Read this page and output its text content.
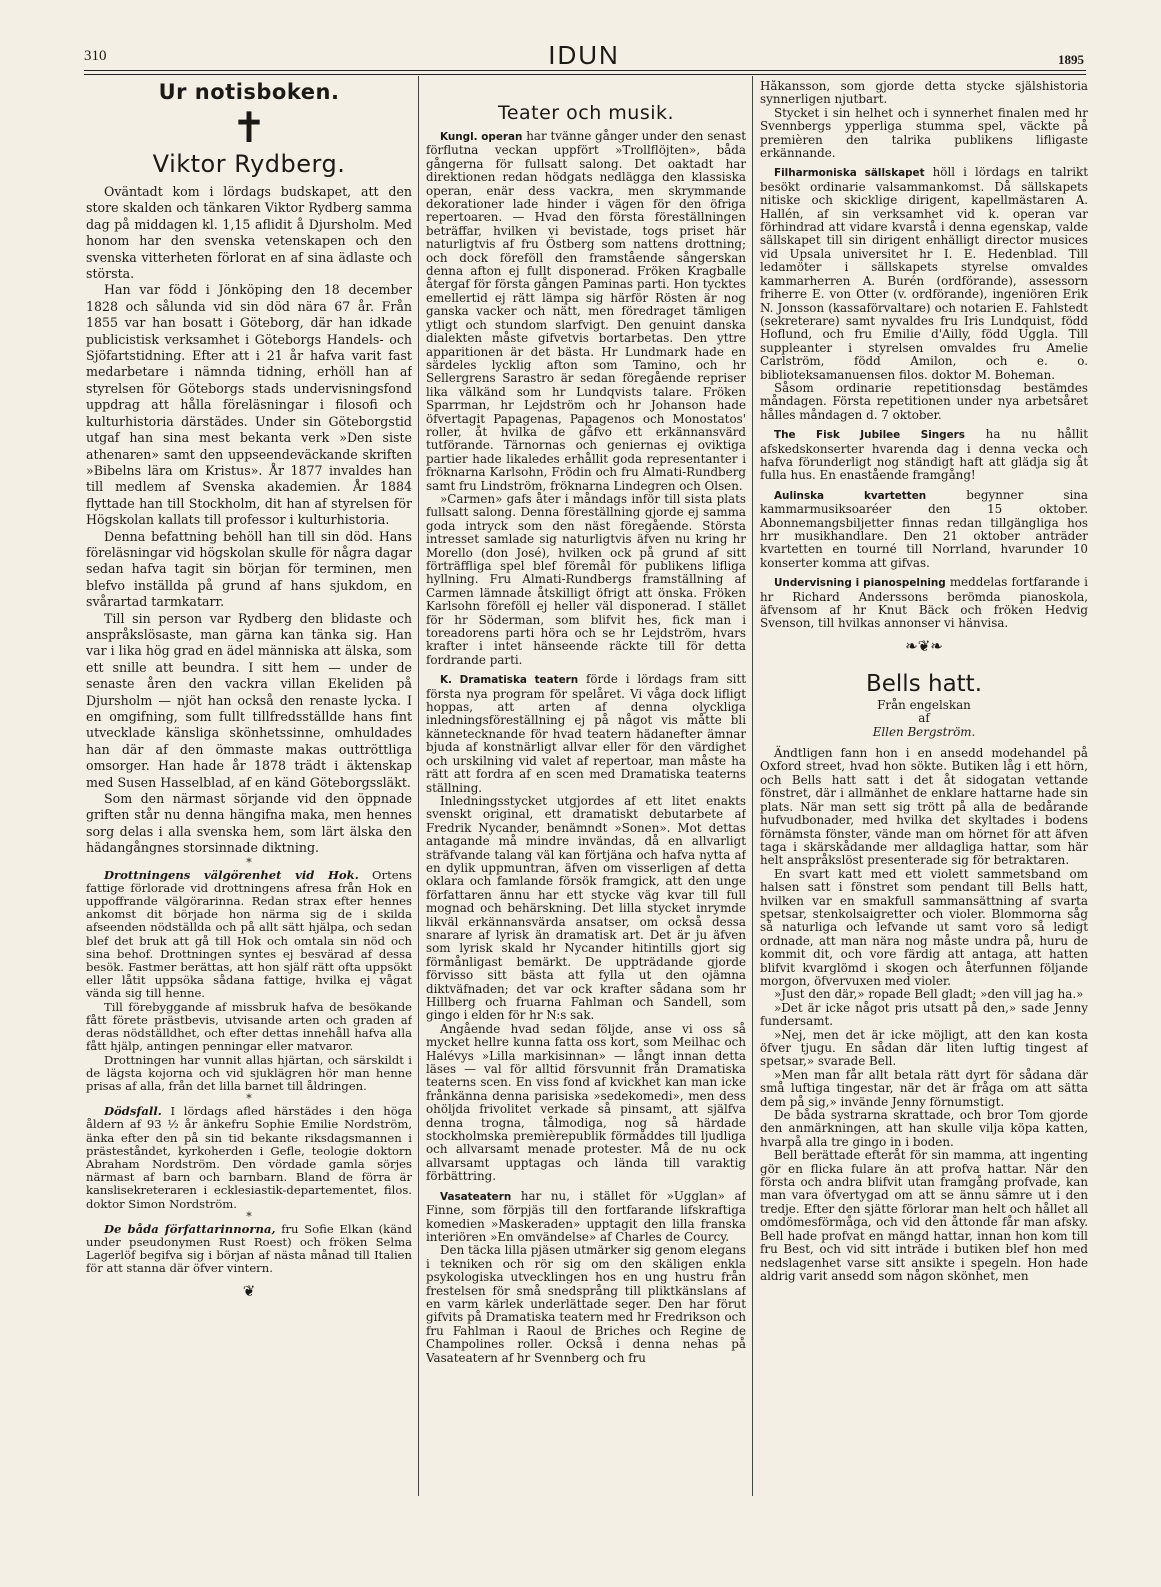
310	IDUN	1895
Ur notisboken.
✝
Viktor Rydberg.

Oväntadt kom i lördags budskapet, att den store skalden och tänkaren Viktor Rydberg samma dag på middagen kl. 1,15 aflidit å Djursholm. Med honom har den svenska vetenskapen och den svenska vitterheten förlorat en af sina ädlaste och största.

Han var född i Jönköping den 18 december 1828 och sålunda vid sin död nära 67 år. Från 1855 var han bosatt i Göteborg, där han idkade publicistisk verksamhet i Göteborgs Handels- och Sjöfartstidning. Efter att i 21 år hafva varit fast medarbetare i nämnda tidning, erhöll han af styrelsen för Göteborgs stads undervisningsfond uppdrag att hålla föreläsningar i filosofi och kulturhistoria därstädes. Under sin Göteborgstid utgaf han sina mest bekanta verk »Den siste athenaren» samt den uppseendeväckande skriften »Bibelns lära om Kristus». År 1877 invaldes han till medlem af Svenska akademien. År 1884 flyttade han till Stockholm, dit han af styrelsen för Högskolan kallats till professor i kulturhistoria.

Denna befattning behöll han till sin död. Hans föreläsningar vid högskolan skulle för några dagar sedan hafva tagit sin början för terminen, men blefvo inställda på grund af hans sjukdom, en svårartad tarmkatarr.

Till sin person var Rydberg den blidaste och anspråkslösaste, man gärna kan tänka sig. Han var i lika hög grad en ädel människa att älska, som ett snille att beundra. I sitt hem — under de senaste åren den vackra villan Ekeliden på Djursholm — njöt han också den renaste lycka. I en omgifning, som fullt tillfredsställde hans fint utvecklade känsliga skönhetssinne, omhuldades han där af den ömmaste makas outtröttliga omsorger. Han hade år 1878 trädt i äktenskap med Susen Hasselblad, af en känd Göteborgssläkt.

Som den närmast sörjande vid den öppnade griften står nu denna hängifna maka, men hennes sorg delas i alla svenska hem, som lärt älska den hädangångnes storsinnade diktning.

*

Drottningens välgörenhet vid Hok. Ortens fattige förlorade vid drottningens afresa från Hok en uppoffrande välgörarinna. Redan strax efter hennes ankomst dit började hon närma sig de i skilda afseenden nödställda och på allt sätt hjälpa, och sedan blef det bruk att gå till Hok och omtala sin nöd och sina behof. Drottningen syntes ej besvärad af dessa besök. Fastmer berättas, att hon själf rätt ofta uppsökt eller låtit uppsöka sådana fattige, hvilka ej vågat vända sig till henne.

Till förebyggande af missbruk hafva de besökande fått förete prästbevis, utvisande arten och graden af deras nödställdhet, och efter dettas innehåll hafva alla fått hjälp, antingen penningar eller matvaror.

Drottningen har vunnit allas hjärtan, och särskildt i de lägsta kojorna och vid sjuklägren hör man henne prisas af alla, från det lilla barnet till åldringen.

*

Dödsfall. I lördags afled härstädes i den höga åldern af 93 ½ år änkefru Sophie Emilie Nordström, änka efter den på sin tid bekante riksdagsmannen i prästeståndet, kyrkoherden i Gefle, teologie doktorn Abraham Nordström. Den vördade gamla sörjes närmast af barn och barnbarn. Bland de förra är kanslisekreteraren i ecklesiastik-departementet, filos. doktor Simon Nordström.

*

De båda författarinnorna, fru Sofie Elkan (känd under pseudonymen Rust Roest) och fröken Selma Lagerlöf begifva sig i början af nästa månad till Italien för att stanna där öfver vintern.

❦
Teater och musik.

Kungl. operan har tvänne gånger under den senast förflutna veckan uppfört »Trollflöjten», båda gångerna för fullsatt salong. Det oaktadt har direktionen redan hödgats nedlägga den klassiska operan, enär dess vackra, men skrymmande dekorationer lade hinder i vägen för den öfriga repertoaren. — Hvad den första föreställningen beträffar, hvilken vi bevistade, togs priset här naturligtvis af fru Östberg som nattens drottning; och dock föreföll den framstående sångerskan denna afton ej fullt disponerad. Fröken Kragballe återgaf för första gången Paminas parti. Hon tycktes emellertid ej rätt lämpa sig härför Rösten är nog ganska vacker och nätt, men föredraget tämligen ytligt och stundom slarfvigt. Den genuint danska dialekten måste gifvetvis bortarbetas. Den yttre apparitionen är det bästa. Hr Lundmark hade en särdeles lycklig afton som Tamino, och hr Sellergrens Sarastro är sedan föregående repriser lika välkänd som hr Lundqvists talare. Fröken Sparrman, hr Lejdström och hr Johanson hade öfvertagit Papagenas, Papagenos och Monostatos' roller, åt hvilka de gåfvo ett erkännansvärd tutförande. Tärnornas och geniernas ej oviktiga partier hade likaledes erhållit goda representanter i fröknarna Karlsohn, Frödin och fru Almati-Rundberg samt fru Lindström, fröknarna Lindegren och Olsen.

»Carmen» gafs åter i måndags inför till sista plats fullsatt salong. Denna föreställning gjorde ej samma goda intryck som den näst föregående. Största intresset samlade sig naturligtvis äfven nu kring hr Morello (don José), hvilken ock på grund af sitt förträffliga spel blef föremål för publikens lifliga hyllning. Fru Almati-Rundbergs framställning af Carmen lämnade åtskilligt öfrigt att önska. Fröken Karlsohn föreföll ej heller väl disponerad. I stället för hr Söderman, som blifvit hes, fick man i toreadorens parti höra och se hr Lejdström, hvars krafter i intet hänseende räckte till för detta fordrande parti.

K. Dramatiska teatern förde i lördags fram sitt första nya program för spelåret. Vi våga dock lifligt hoppas, att arten af denna olyckliga inledningsföreställning ej på något vis måtte bli kännetecknande för hvad teatern hädanefter ämnar bjuda af konstnärligt allvar eller för den värdighet och urskilning vid valet af repertoar, man måste ha rätt att fordra af en scen med Dramatiska teaterns ställning.

Inledningsstycket utgjordes af ett litet enakts svenskt original, ett dramatiskt debutarbete af Fredrik Nycander, benämndt »Sonen». Mot dettas antagande må mindre invändas, då en allvarligt sträfvande talang väl kan förtjäna och hafva nytta af en dylik uppmuntran, äfven om visserligen af detta oklara och famlande försök framgick, att den unge författaren ännu har ett stycke väg kvar till full mognad och behärskning. Det lilla stycket inrymde likväl erkännansvärda ansatser, om också dessa snarare af lyrisk än dramatisk art. Det är ju äfven som lyrisk skald hr Nycander hitintills gjort sig förmånligast bemärkt. De uppträdande gjorde förvisso sitt bästa att fylla ut den ojämna diktväfnaden; det var ock krafter sådana som hr Hillberg och fruarna Fahlman och Sandell, som gingo i elden för hr N:s sak.

Angående hvad sedan följde, anse vi oss så mycket hellre kunna fatta oss kort, som Meilhac och Halévys »Lilla markisinnan» — långt innan detta läses — val för alltid försvunnit från Dramatiska teaterns scen. En viss fond af kvickhet kan man icke frånkänna denna parisiska »sedekomedi», men dess ohöljda frivolitet verkade så pinsamt, att själfva denna trogna, tålmodiga, nog så härdade stockholmska premièrepublik förmåddes till ljudliga och allvarsamt menade protester. Må de nu ock allvarsamt upptagas och lända till varaktig förbättring.

Vasateatern har nu, i stället för »Ugglan» af Finne, som förpjäs till den fortfarande lifskraftiga komedien »Maskeraden» upptagit den lilla franska interiören »En omvändelse» af Charles de Courcy.

Den täcka lilla pjäsen utmärker sig genom elegans i tekniken och rör sig om den skäligen enkla psykologiska utvecklingen hos en ung hustru från frestelsen för små snedsprång till pliktkänslans af en varm kärlek underlättade seger. Den har förut gifvits på Dramatiska teatern med hr Fredrikson och fru Fahlman i Raoul de Briches och Regine de Champolines roller. Också i denna nehas på Vasateatern af hr Svennberg och fru

Håkansson, som gjorde detta stycke själshistoria synnerligen njutbart.

Stycket i sin helhet och i synnerhet finalen med hr Svennbergs ypperliga stumma spel, väckte på premièren den talrika publikens lifligaste erkännande.

Filharmoniska sällskapet höll i lördags en talrikt besökt ordinarie valsammankomst. Då sällskapets nitiske och skicklige dirigent, kapellmästaren A. Hallén, af sin verksamhet vid k. operan var förhindrad att vidare kvarstå i denna egenskap, valde sällskapet till sin dirigent enhälligt director musices vid Upsala universitet hr I. E. Hedenblad. Till ledamöter i sällskapets styrelse omvaldes kammarherren A. Burén (ordförande), assessorn friherre E. von Otter (v. ordförande), ingeniören Erik N. Jonsson (kassaförvaltare) och notarien E. Fahlstedt (sekreterare) samt nyvaldes fru Iris Lundquist, född Hoflund, och fru Emilie d'Ailly, född Uggla. Till suppleanter i styrelsen omvaldes fru Amelie Carlström, född Amilon, och e. o. biblioteksamanuensen filos. doktor M. Boheman.

Såsom ordinarie repetitionsdag bestämdes måndagen. Första repetitionen under nya arbetsåret hålles måndagen d. 7 oktober.

The Fisk Jubilee Singers ha nu hållit afskedskonserter hvarenda dag i denna vecka och hafva förunderligt nog ständigt haft att glädja sig åt fulla hus. En enastående framgång!

Aulinska kvartetten	begynner sina kammarmusiksoaréer den 15 oktober. Abonnemangsbiljetter finnas redan tillgängliga hos hrr musikhandlare. Den 21 oktober anträder kvartetten en tourné till Norrland, hvarunder 10 konserter komma att gifvas.

Undervisning i pianospelning meddelas fortfarande i hr Richard Anderssons berömda pianoskola, äfvensom af hr Knut Bäck och fröken Hedvig Svenson, till hvilkas annonser vi hänvisa.

❧❦❧
Bells hatt.

Från engelskan

af

Ellen Bergström.

Ändtligen fann hon i en ansedd modehandel på Oxford street, hvad hon sökte. Butiken låg i ett hörn, och Bells hatt satt i det åt sidogatan vettande fönstret, där i allmänhet de enklare hattarne hade sin plats. När man sett sig trött på alla de bedårande hufvudbonader, med hvilka det skyltades i bodens förnämsta fönster, vände man om hörnet för att äfven taga i skärskådande mer alldagliga hattar, som här helt anspråkslöst presenterade sig för betraktaren.

En svart katt med ett violett sammetsband om halsen satt i fönstret som pendant till Bells hatt, hvilken var en smakfull sammansättning af svarta spetsar, stenkolsaigretter och violer. Blommorna såg så naturliga och lefvande ut samt voro så ledigt ordnade, att man nära nog måste undra på, huru de kommit dit, och vore färdig att antaga, att hatten blifvit kvarglömd i skogen och återfunnen följande morgon, öfvervuxen med violer.

»Just den där,» ropade Bell gladt; »den vill jag ha.»

»Det är icke något pris utsatt på den,» sade Jenny fundersamt.

»Nej, men det är icke möjligt, att den kan kosta öfver tjugu. En sådan där liten luftig tingest af spetsar,» svarade Bell.

»Men man får allt betala rätt dyrt för sådana där små luftiga tingestar, när det är fråga om att sätta dem på sig,» invände Jenny förnumstigt.

De båda systrarna skrattade, och bror Tom gjorde den anmärkningen, att han skulle vilja köpa katten, hvarpå alla tre gingo in i boden.

Bell berättade efteråt för sin mamma, att ingenting gör en flicka fulare än att profva hattar. När den första och andra blifvit utan framgång profvade, kan man vara öfvertygad om att se ännu sämre ut i den tredje. Efter den sjätte förlorar man helt och hållet all omdömesförmåga, och vid den åttonde får man afsky. Bell hade profvat en mängd hattar, innan hon kom till fru Best, och vid sitt inträde i butiken blef hon med nedslagenhet varse sitt ansikte i spegeln. Hon hade aldrig varit ansedd som någon skönhet, men
